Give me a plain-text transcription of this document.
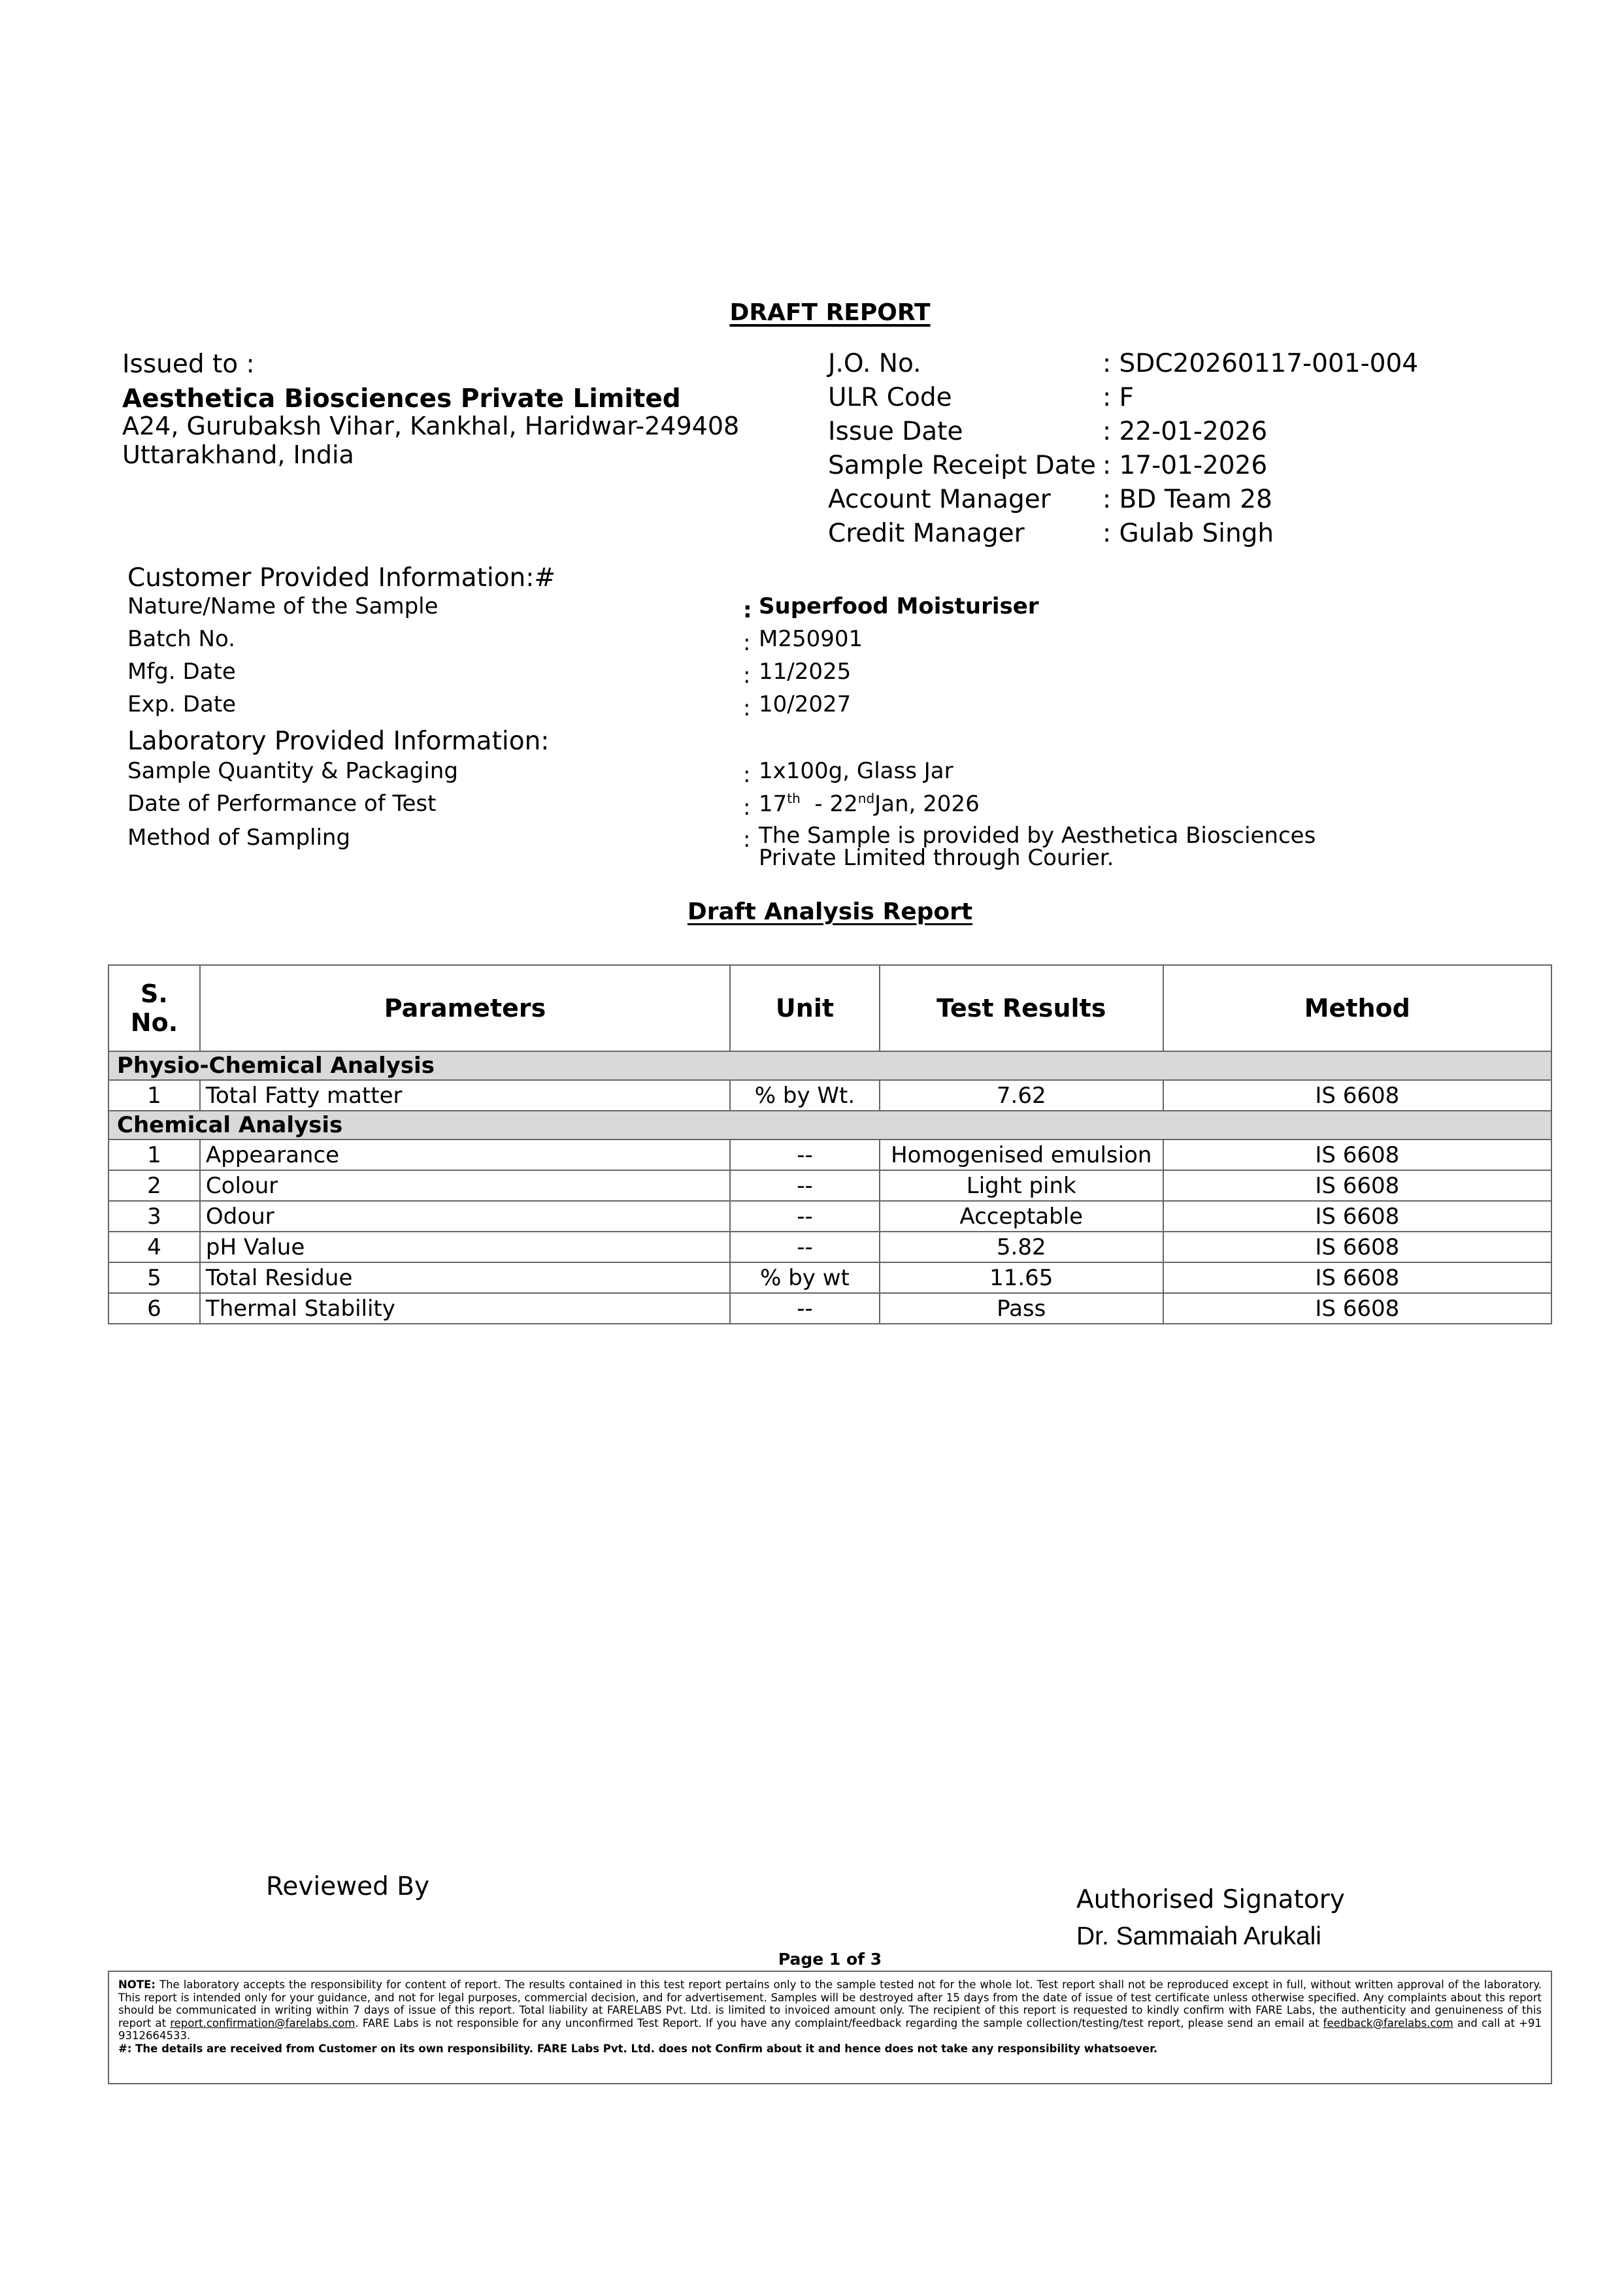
DRAFT REPORT
Issued to :
Aesthetica Biosciences Private Limited
A24, Gurubaksh Vihar, Kankhal, Haridwar-249408
Uttarakhand, India
J.O. No.	: SDC20260117-001-004
ULR Code	: F
Issue Date	: 22-01-2026
Sample Receipt Date : 17-01-2026
Account Manager	: BD Team 28
Credit Manager	: Gulab Singh
Customer Provided Information:#
Nature/Name of the Sample	: Superfood Moisturiser
Batch No.	: M250901
Mfg. Date	: 11/2025
Exp. Date	: 10/2027
Laboratory Provided Information:
Sample Quantity & Packaging	: 1x100g, Glass Jar
Date of Performance of Test	: 17th  - 22ndJan, 2026
Method of Sampling	: The Sample is provided by Aesthetica Biosciences
Private Limited through Courier.
Draft Analysis Report
S.
No.	Parameters	Unit	Test Results	Method
Physio-Chemical Analysis				
1	Total Fatty matter	% by Wt.	7.62	IS 6608
Chemical Analysis				
1	Appearance	--	Homogenised emulsion	IS 6608
2	Colour	--	Light pink	IS 6608
3	Odour	--	Acceptable	IS 6608
4	pH Value	--	5.82	IS 6608
5	Total Residue	% by wt	11.65	IS 6608
6	Thermal Stability	--	Pass	IS 6608
Reviewed By	Authorised Signatory
Dr. Sammaiah Arukali
Page 1 of 3
NOTE: The laboratory accepts the responsibility for content of report. The results contained in this test report pertains only to the sample tested not for the whole lot. Test report shall not be reproduced except in full, without written approval of the laboratory. This report is intended only for your guidance, and not for legal purposes, commercial decision, and for advertisement. Samples will be destroyed after 15 days from the date of issue of test certificate unless otherwise specified. Any complaints about this report should be communicated in writing within 7 days of issue of this report. Total liability at FARELABS Pvt. Ltd. is limited to invoiced amount only. The recipient of this report is requested to kindly confirm with FARE Labs, the authenticity and genuineness of this report at report.confirmation@farelabs.com. FARE Labs is not responsible for any unconfirmed Test Report. If you have any complaint/feedback regarding the sample collection/testing/test report, please send an email at feedback@farelabs.com and call at +91 9312664533.
#: The details are received from Customer on its own responsibility. FARE Labs Pvt. Ltd. does not Confirm about it and hence does not take any responsibility whatsoever.
